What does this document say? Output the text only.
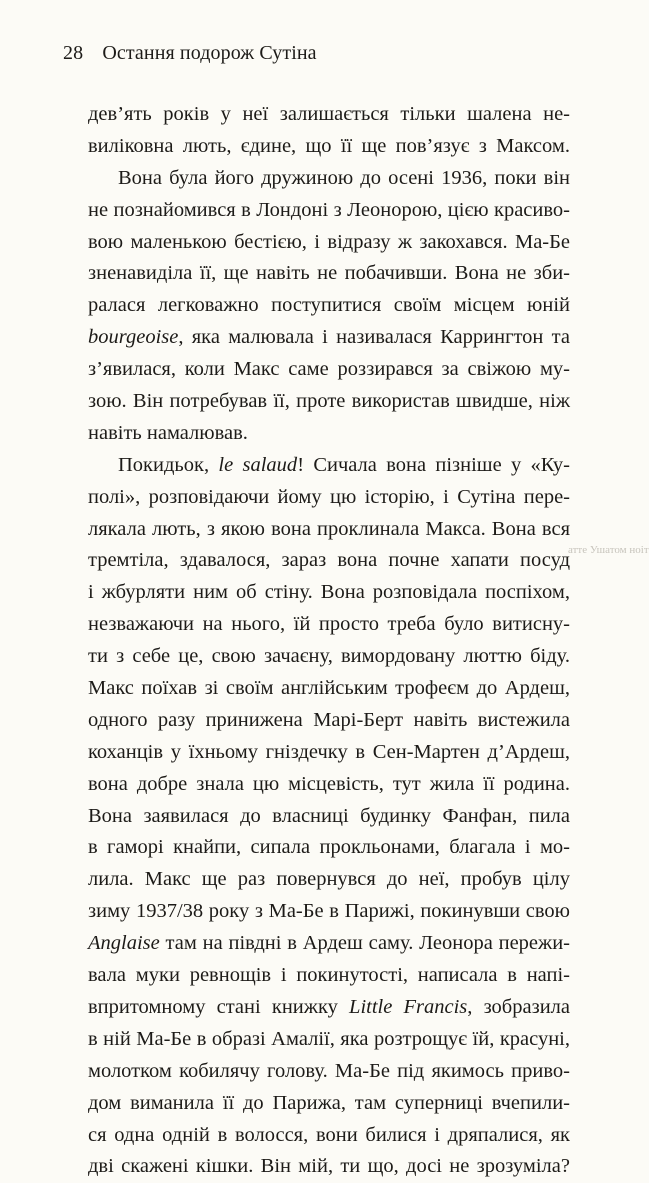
28 Остання подорож Сутіна
атте Ушатом ноіт
дев’ять років у неї залишається тільки шалена не-
виліковна лють, єдине, що її ще пов’язує з Максом.
Вона була його дружиною до осені 1936, поки він
не познайомився в Лондоні з Леонорою, цією красиво-
вою маленькою бестією, і відразу ж закохався. Ма-Бе
зненавиділа її, ще навіть не побачивши. Вона не зби-
ралася легковажно поступитися своїм місцем юній
bourgeoise, яка малювала і називалася Каррингтон та
з’явилася, коли Макс саме роззирався за свіжою му-
зою. Він потребував її, проте використав швидше, ніж
навіть намалював.
Покидьок, le salaud! Сичала вона пізніше у «Ку-
полі», розповідаючи йому цю історію, і Сутіна пере-
лякала лють, з якою вона проклинала Макса. Вона вся
тремтіла, здавалося, зараз вона почне хапати посуд
і жбурляти ним об стіну. Вона розповідала поспіхом,
незважаючи на нього, їй просто треба було витисну-
ти з себе це, свою зачаєну, вимордовану люттю біду.
Макс поїхав зі своїм англійським трофеєм до Ардеш,
одного разу принижена Марі-Берт навіть вистежила
коханців у їхньому гніздечку в Сен-Мартен д’Ардеш,
вона добре знала цю місцевість, тут жила її родина.
Вона заявилася до власниці будинку Фанфан, пила
в гаморі кнайпи, сипала прокльонами, благала і мо-
лила. Макс ще раз повернувся до неї, пробув цілу
зиму 1937/38 року з Ма-Бе в Парижі, покинувши свою
Anglaise там на півдні в Ардеш саму. Леонора пережи-
вала муки ревнощів і покинутості, написала в напі-
впритомному стані книжку Little Francis, зобразила
в ній Ма-Бе в образі Амалії, яка розтрощує їй, красуні,
молотком кобилячу голову. Ма-Бе під якимось приво-
дом виманила її до Парижа, там суперниці вчепили-
ся одна одній в волосся, вони билися і дряпалися, як
дві скажені кішки. Він мій, ти що, досі не зрозуміла?
